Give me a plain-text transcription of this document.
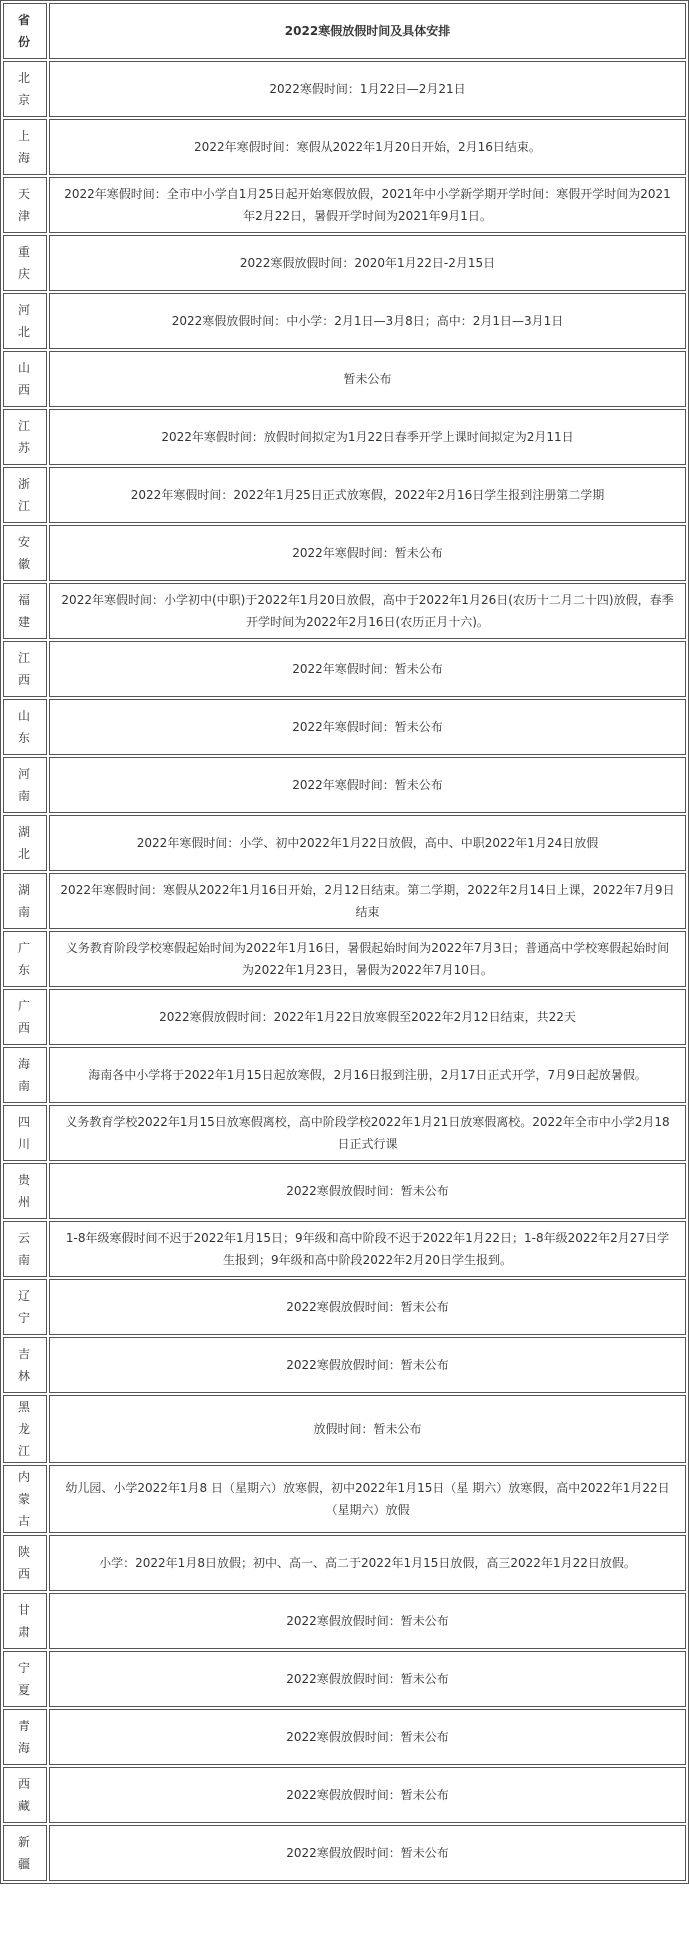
省份	2022寒假放假时间及具体安排

北京	2022寒假时间：1月22日—2月21日

上海	2022年寒假时间：寒假从2022年1月20日开始，2月16日结束。

天津	2022年寒假时间：全市中小学自1月25日起开始寒假放假，2021年中小学新学期开学时间：寒假开学时间为2021年2月22日，暑假开学时间为2021年9月1日。

重庆	2022寒假放假时间：2020年1月22日-2月15日

河北	2022寒假放假时间：中小学：2月1日—3月8日；高中：2月1日—3月1日

山西	暂未公布

江苏	2022年寒假时间：放假时间拟定为1月22日春季开学上课时间拟定为2月11日

浙江	2022年寒假时间：2022年1月25日正式放寒假，2022年2月16日学生报到注册第二学期

安徽	2022年寒假时间：暂未公布

福建	2022年寒假时间：小学初中(中职)于2022年1月20日放假，高中于2022年1月26日(农历十二月二十四)放假，春季开学时间为2022年2月16日(农历正月十六)。

江西	2022年寒假时间：暂未公布

山东	2022年寒假时间：暂未公布

河南	2022年寒假时间：暂未公布

湖北	2022年寒假时间：小学、初中2022年1月22日放假，高中、中职2022年1月24日放假

湖南	2022年寒假时间：寒假从2022年1月16日开始，2月12日结束。第二学期，2022年2月14日上课，2022年7月9日结束

广东	义务教育阶段学校寒假起始时间为2022年1月16日，暑假起始时间为2022年7月3日；普通高中学校寒假起始时间为2022年1月23日，暑假为2022年7月10日。

广西	2022寒假放假时间：2022年1月22日放寒假至2022年2月12日结束，共22天

海南	海南各中小学将于2022年1月15日起放寒假，2月16日报到注册，2月17日正式开学，7月9日起放暑假。

四川	义务教育学校2022年1月15日放寒假离校，高中阶段学校2022年1月21日放寒假离校。2022年全市中小学2月18日正式行课

贵州	2022寒假放假时间：暂未公布

云南	1-8年级寒假时间不迟于2022年1月15日；9年级和高中阶段不迟于2022年1月22日；1-8年级2022年2月27日学生报到；9年级和高中阶段2022年2月20日学生报到。

辽宁	2022寒假放假时间：暂未公布

吉林	2022寒假放假时间：暂未公布

黑龙江	放假时间：暂未公布

内蒙古	幼儿园、小学2022年1月8 日（星期六）放寒假，初中2022年1月15日（星 期六）放寒假，高中2022年1月22日（星期六）放假

陕西	小学：2022年1月8日放假；初中、高一、高二于2022年1月15日放假，高三2022年1月22日放假。

甘肃	2022寒假放假时间：暂未公布

宁夏	2022寒假放假时间：暂未公布

青海	2022寒假放假时间：暂未公布

西藏	2022寒假放假时间：暂未公布

新疆	2022寒假放假时间：暂未公布
